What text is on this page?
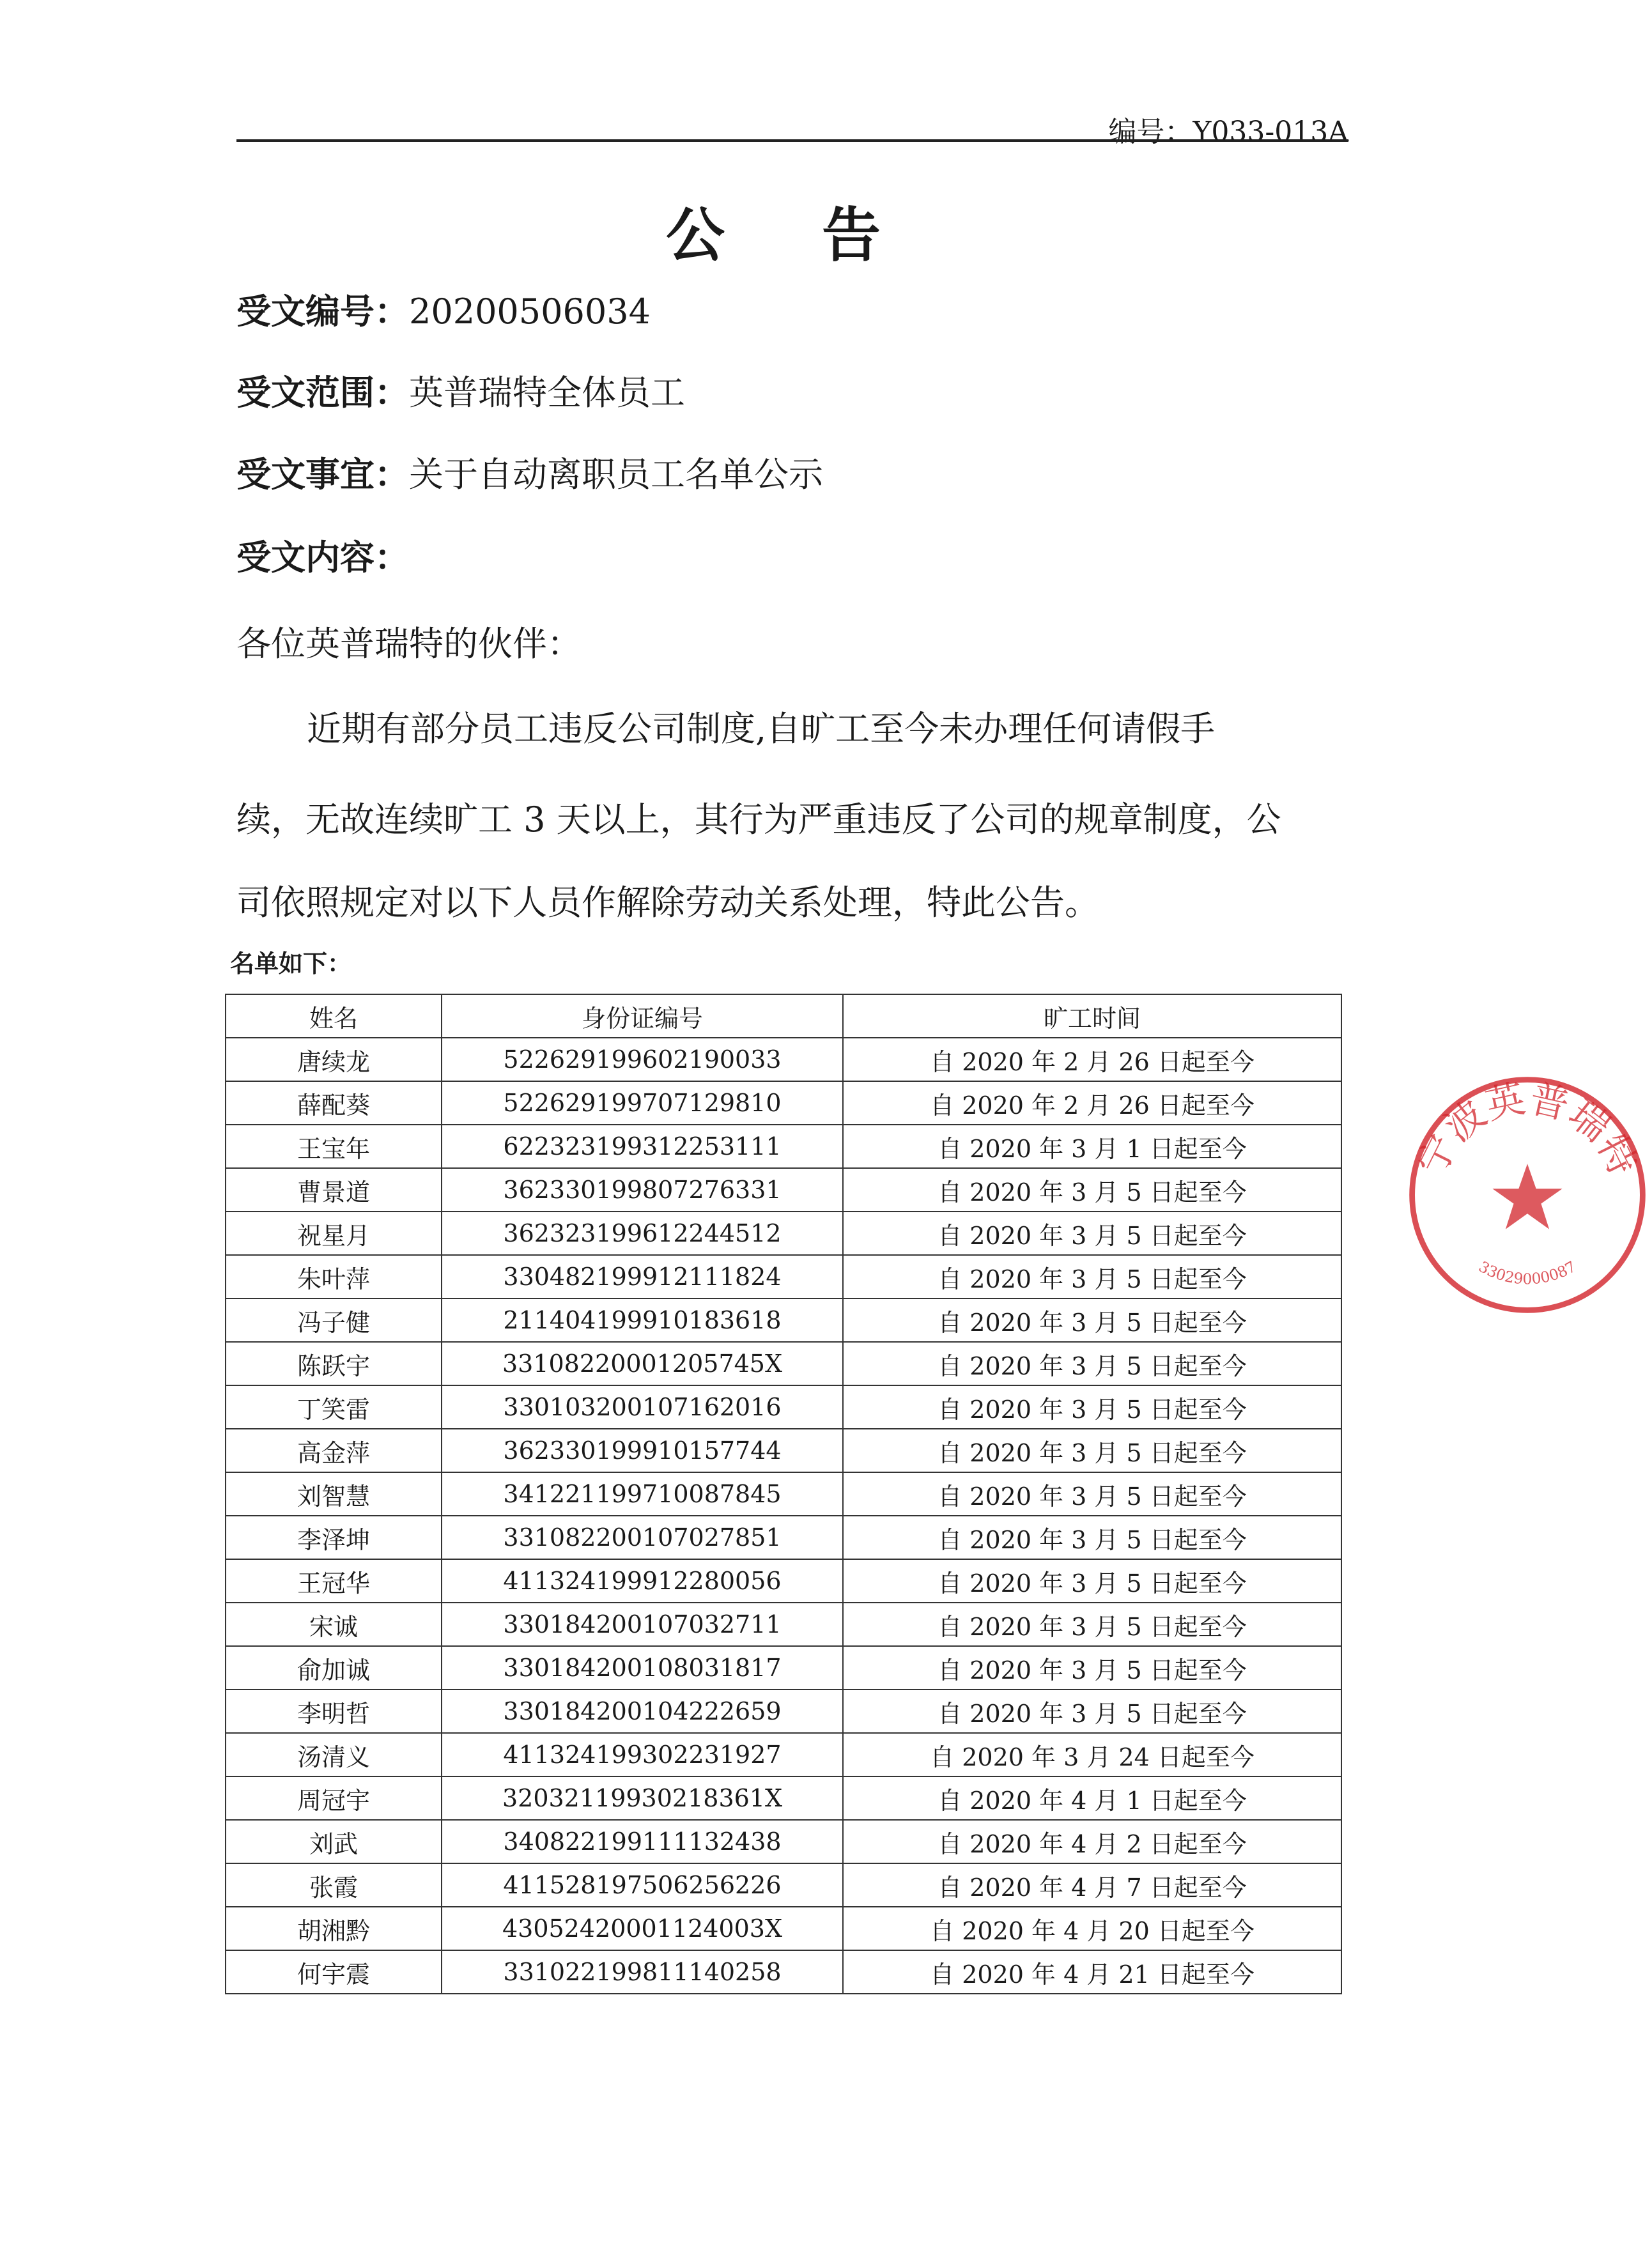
编号：Y033-013A
公 告
受文编号：20200506034
受文范围：英普瑞特全体员工
受文事宜：关于自动离职员工名单公示
受文内容：
各位英普瑞特的伙伴：
近期有部分员工违反公司制度,自旷工至今未办理任何请假手
续，无故连续旷工 3 天以上，其行为严重违反了公司的规章制度，公
司依照规定对以下人员作解除劳动关系处理，特此公告。
名单如下：
姓名	身份证编号	旷工时间
唐续龙	522629199602190033	自 2020 年 2 月 26 日起至今
薛配葵	522629199707129810	自 2020 年 2 月 26 日起至今
王宝年	622323199312253111	自 2020 年 3 月 1 日起至今
曹景道	362330199807276331	自 2020 年 3 月 5 日起至今
祝星月	362323199612244512	自 2020 年 3 月 5 日起至今
朱叶萍	330482199912111824	自 2020 年 3 月 5 日起至今
冯子健	211404199910183618	自 2020 年 3 月 5 日起至今
陈跃宇	33108220001205745X	自 2020 年 3 月 5 日起至今
丁笑雷	330103200107162016	自 2020 年 3 月 5 日起至今
高金萍	362330199910157744	自 2020 年 3 月 5 日起至今
刘智慧	341221199710087845	自 2020 年 3 月 5 日起至今
李泽坤	331082200107027851	自 2020 年 3 月 5 日起至今
王冠华	411324199912280056	自 2020 年 3 月 5 日起至今
宋诚	330184200107032711	自 2020 年 3 月 5 日起至今
俞加诚	330184200108031817	自 2020 年 3 月 5 日起至今
李明哲	330184200104222659	自 2020 年 3 月 5 日起至今
汤清义	411324199302231927	自 2020 年 3 月 24 日起至今
周冠宇	32032119930218361X	自 2020 年 4 月 1 日起至今
刘武	340822199111132438	自 2020 年 4 月 2 日起至今
张霞	411528197506256226	自 2020 年 4 月 7 日起至今
胡湘黔	43052420001124003X	自 2020 年 4 月 20 日起至今
何宇震	331022199811140258	自 2020 年 4 月 21 日起至今
宁波英普瑞特
33029000087
